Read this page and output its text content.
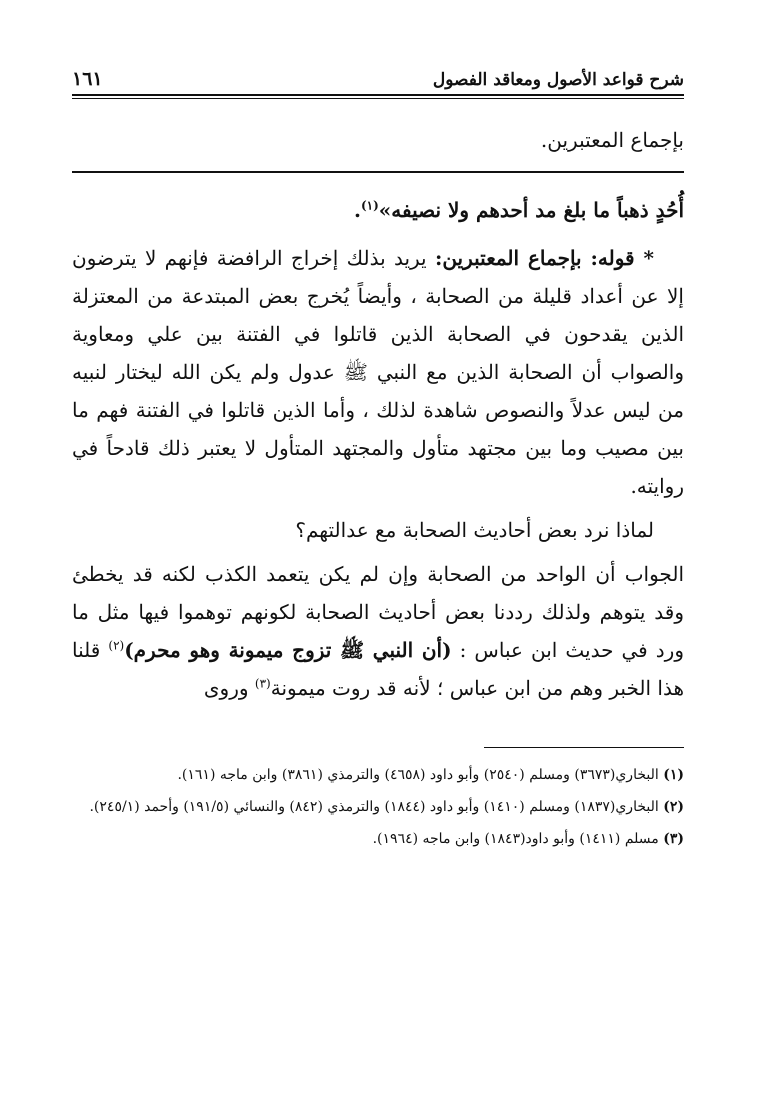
شرح قواعد الأصول ومعاقد الفصول
١٦١
بإجماع المعتبرين.
أُحُدٍ ذهباً ما بلغ مد أحدهم ولا نصيفه»$^{(١)}$.

* قوله: بإجماع المعتبرين: يريد بذلك إخراج الرافضة فإنهم لا يترضون إلا عن أعداد قليلة من الصحابة ، وأيضاً يُخرج بعض المبتدعة من المعتزلة الذين يقدحون في الصحابة الذين قاتلوا في الفتنة بين علي ومعاوية والصواب أن الصحابة الذين مع النبي ﷺ عدول ولم يكن الله ليختار لنبيه من ليس عدلاً والنصوص شاهدة لذلك ، وأما الذين قاتلوا في الفتنة فهم ما بين مصيب وما بين مجتهد متأول والمجتهد المتأول لا يعتبر ذلك قادحاً في روايته.

لماذا نرد بعض أحاديث الصحابة مع عدالتهم؟

الجواب أن الواحد من الصحابة وإن لم يكن يتعمد الكذب لكنه قد يخطئ وقد يتوهم ولذلك رددنا بعض أحاديث الصحابة لكونهم توهموا فيها مثل ما ورد في حديث ابن عباس : (أن النبي ﷺ تزوج ميمونة وهو محرم)$^{(٢)}$ قلنا هذا الخبر وهم من ابن عباس ؛ لأنه قد روت ميمونة$^{(٣)}$ وروى

(١) البخاري(٣٦٧٣) ومسلم (٢٥٤٠) وأبو داود (٤٦٥٨) والترمذي (٣٨٦١) وابن ماجه (١٦١).

(٢) البخاري(١٨٣٧) ومسلم (١٤١٠) وأبو داود (١٨٤٤) والترمذي (٨٤٢) والنسائي (١٩١/٥) وأحمد (٢٤٥/١).

(٣) مسلم (١٤١١) وأبو داود(١٨٤٣) وابن ماجه (١٩٦٤).
